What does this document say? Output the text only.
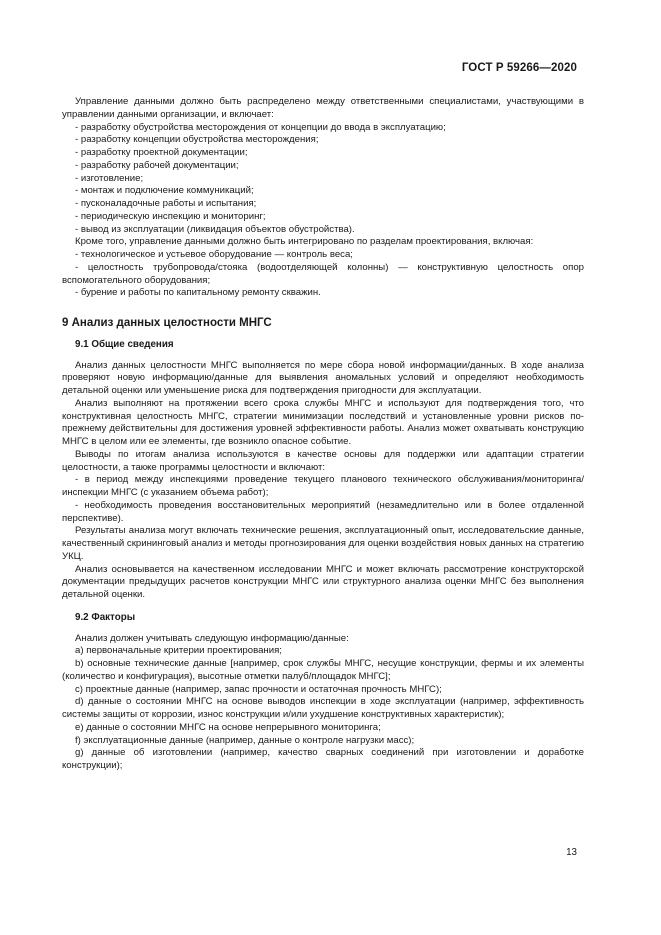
ГОСТ Р 59266—2020

Управление данными должно быть распределено между ответственными специалистами, участвующими в управлении данными организации, и включает:

- разработку обустройства месторождения от концепции до ввода в эксплуатацию;

- разработку концепции обустройства месторождения;

- разработку проектной документации;

- разработку рабочей документации;

- изготовление;

- монтаж и подключение коммуникаций;

- пусконаладочные работы и испытания;

- периодическую инспекцию и мониторинг;

- вывод из эксплуатации (ликвидация объектов обустройства).

Кроме того, управление данными должно быть интегрировано по разделам проектирования, включая:

- технологическое и устьевое оборудование — контроль веса;

- целостность трубопровода/стояка (водоотделяющей колонны) — конструктивную целостность опор вспомогательного оборудования;

- бурение и работы по капитальному ремонту скважин.

9 Анализ данных целостности МНГС
9.1 Общие сведения

Анализ данных целостности МНГС выполняется по мере сбора новой информации/данных. В ходе анализа проверяют новую информацию/данные для выявления аномальных условий и определяют необходимость детальной оценки или уменьшение риска для подтверждения пригодности для эксплуатации.

Анализ выполняют на протяжении всего срока службы МНГС и используют для подтверждения того, что конструктивная целостность МНГС, стратегии минимизации последствий и установленные уровни рисков по-прежнему действительны для достижения уровней эффективности работы. Анализ может охватывать конструкцию МНГС в целом или ее элементы, где возникло опасное событие.

Выводы по итогам анализа используются в качестве основы для поддержки или адаптации стратегии целостности, а также программы целостности и включают:

- в период между инспекциями проведение текущего планового технического обслуживания/мониторинга/инспекции МНГС (с указанием объема работ);

- необходимость проведения восстановительных мероприятий (незамедлительно или в более отдаленной перспективе).

Результаты анализа могут включать технические решения, эксплуатационный опыт, исследовательские данные, качественный скрининговый анализ и методы прогнозирования для оценки воздействия новых данных на стратегию УКЦ.

Анализ основывается на качественном исследовании МНГС и может включать рассмотрение конструкторской документации предыдущих расчетов конструкции МНГС или структурного анализа оценки МНГС без выполнения детальной оценки.

9.2 Факторы

Анализ должен учитывать следующую информацию/данные:

a) первоначальные критерии проектирования;

b) основные технические данные [например, срок службы МНГС, несущие конструкции, фермы и их элементы (количество и конфигурация), высотные отметки палуб/площадок МНГС];

c) проектные данные (например, запас прочности и остаточная прочность МНГС);

d) данные о состоянии МНГС на основе выводов инспекции в ходе эксплуатации (например, эффективность системы защиты от коррозии, износ конструкции и/или ухудшение конструктивных характеристик);

e) данные о состоянии МНГС на основе непрерывного мониторинга;

f) эксплуатационные данные (например, данные о контроле нагрузки масс);

g) данные об изготовлении (например, качество сварных соединений при изготовлении и доработке конструкции);

13
